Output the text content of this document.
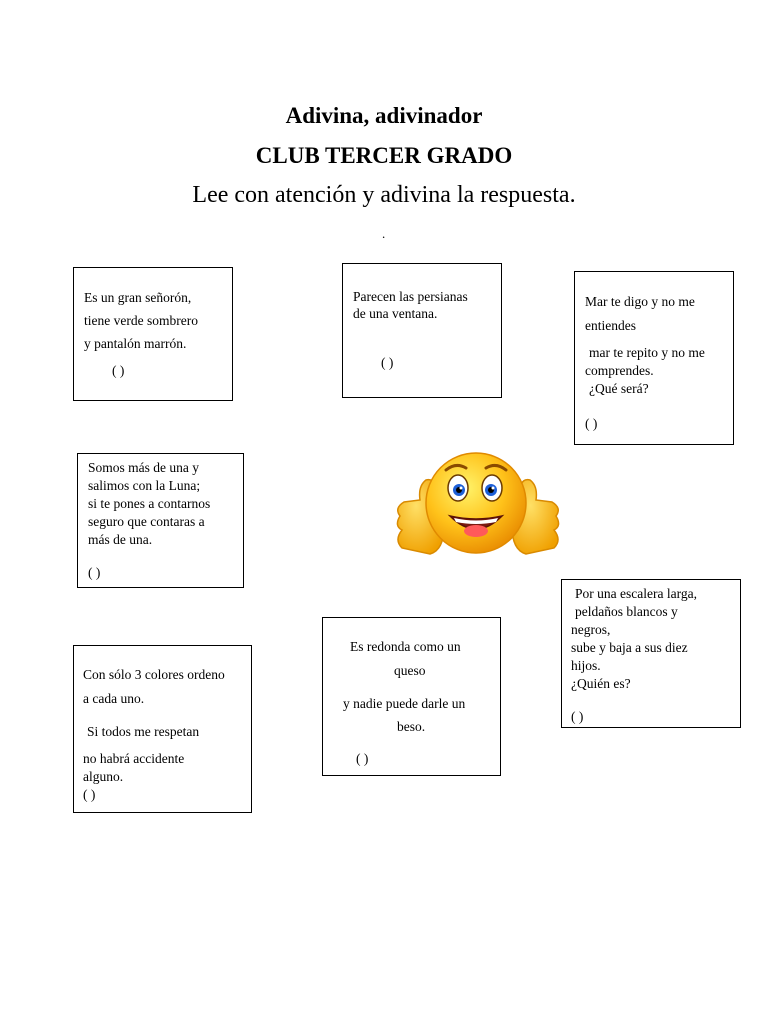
Adivina, adivinador
CLUB TERCER GRADO
Lee con atención y adivina la respuesta.
.
Es un gran señorón,
tiene verde sombrero
y pantalón marrón.
( )
Parecen las persianas
de una ventana.
( )
Mar te digo y no me
entiendes
mar te repito y no me
comprendes.
¿Qué será?
( )
Somos más de una y
salimos con la Luna;
si te pones a contarnos
seguro que contaras a
más de una.
( )
Por una escalera larga,
peldaños blancos y
negros,
sube y baja a sus diez
hijos.
¿Quién es?
( )
Es redonda como un
queso
y nadie puede darle un
beso.
( )
Con sólo 3 colores ordeno
a cada uno.
Si todos me respetan
no habrá accidente
alguno.
( )
